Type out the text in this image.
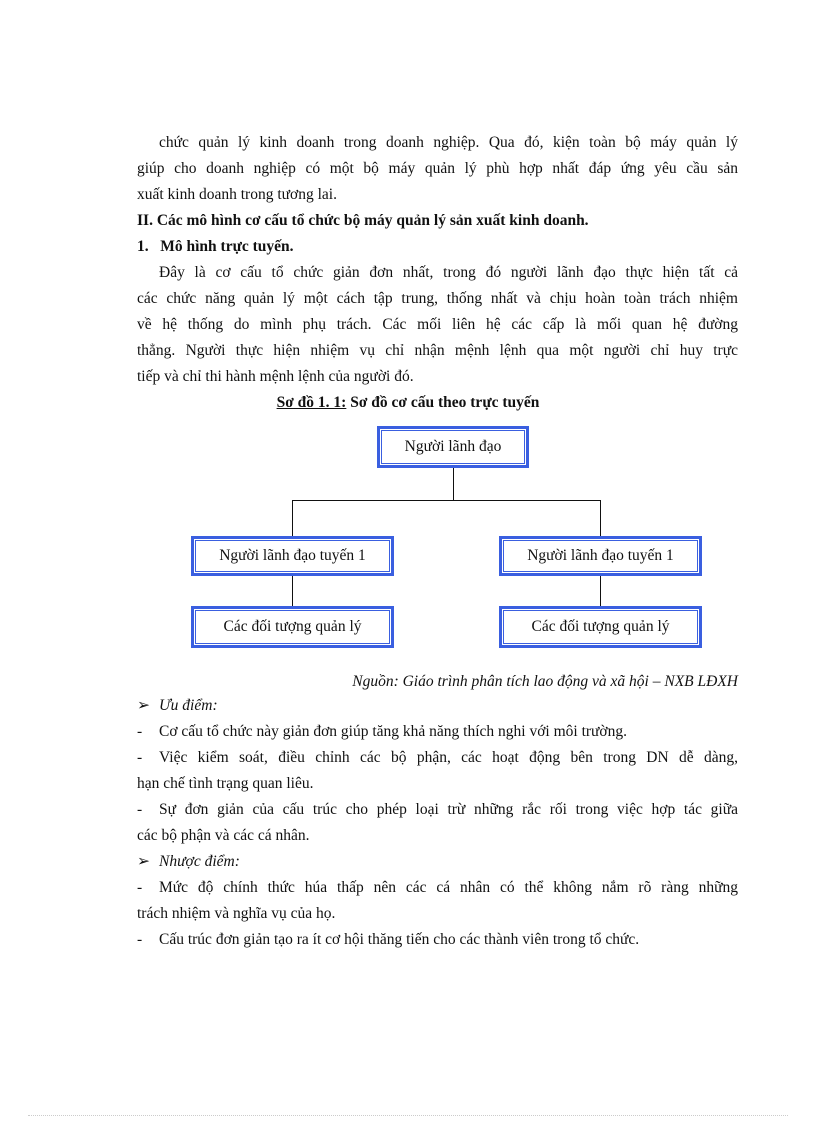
chức quản lý kinh doanh trong doanh nghiệp. Qua đó, kiện toàn bộ máy quản lý
giúp cho doanh nghiệp có một bộ máy quản lý phù hợp nhất đáp ứng yêu cầu sản
xuất kinh doanh trong tương lai.
II. Các mô hình cơ cấu tổ chức bộ máy quản lý sản xuất kinh doanh.
1.   Mô hình trực tuyến.
Đây là cơ cấu tổ chức giản đơn nhất, trong đó người lãnh đạo thực hiện tất cả
các chức năng quản lý một cách tập trung, thống nhất và chịu hoàn toàn trách nhiệm
về hệ thống do mình phụ trách. Các mối liên hệ các cấp là mối quan hệ đường
thẳng. Người thực hiện nhiệm vụ chỉ nhận mệnh lệnh qua một người chỉ huy trực
tiếp và chỉ thi hành mệnh lệnh của người đó.
Sơ đồ 1. 1: Sơ đồ cơ cấu theo trực tuyến
Người lãnh đạo
Người lãnh đạo tuyến 1	Người lãnh đạo tuyến 1
Các đối tượng quản lý	Các đối tượng quản lý
Nguồn: Giáo trình phân tích lao động và xã hội – NXB LĐXH
➢ Ưu điểm:
- Cơ cấu tổ chức này giản đơn giúp tăng khả năng thích nghi với môi trường.
- Việc kiểm soát, điều chỉnh các bộ phận, các hoạt động bên trong DN dễ dàng,
hạn chế tình trạng quan liêu.
- Sự đơn giản của cấu trúc cho phép loại trừ những rắc rối trong việc hợp tác giữa
các bộ phận và các cá nhân.
➢ Nhược điểm:
- Mức độ chính thức húa thấp nên các cá nhân có thể không nắm rõ ràng những
trách nhiệm và nghĩa vụ của họ.
- Cấu trúc đơn giản tạo ra ít cơ hội thăng tiến cho các thành viên trong tổ chức.
